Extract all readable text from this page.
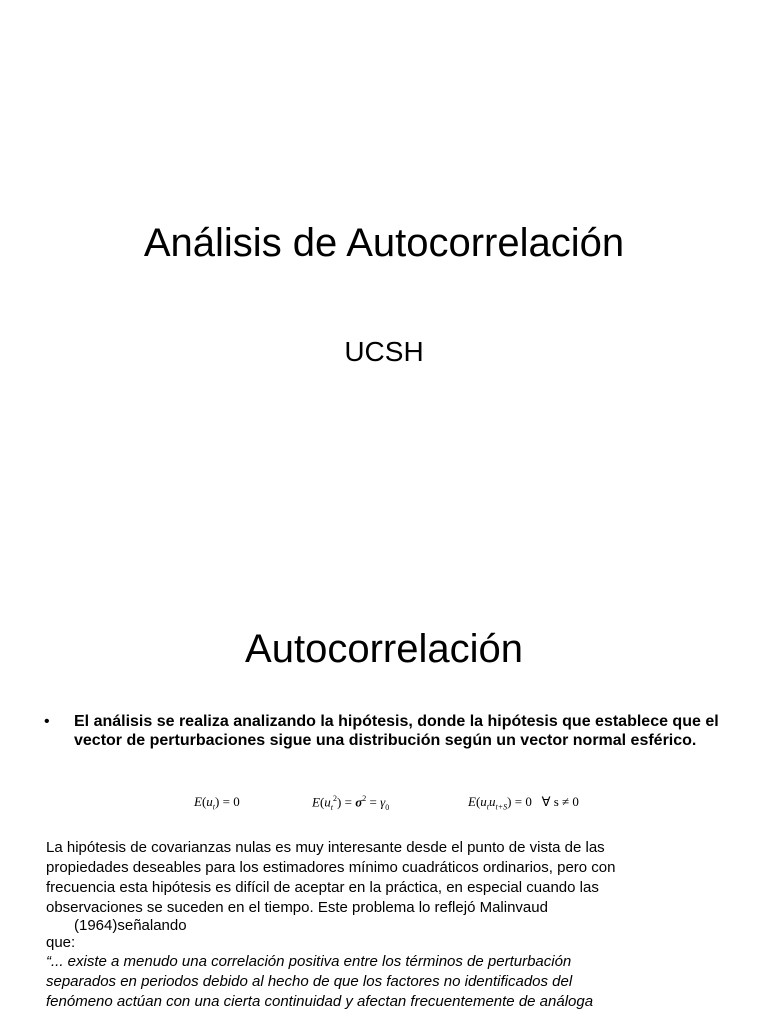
Análisis de Autocorrelación
UCSH
Autocorrelación
• El análisis se realiza analizando la hipótesis, donde la hipótesis que establece que el vector de perturbaciones sigue una distribución según un vector normal esférico.
$E(u_t) = 0$	$E(u_t^2) = \sigma^2 = \gamma_0$	$E(u_tu_{t+S}) = 0$   ∀ s ≠ 0
La hipótesis de covarianzas nulas es muy interesante desde el punto de vista de las
propiedades deseables para los estimadores mínimo cuadráticos ordinarios, pero con
frecuencia esta hipótesis es difícil de aceptar en la práctica, en especial cuando las
observaciones se suceden en el tiempo. Este problema lo reflejó Malinvaud
(1964)señalando
que:
“... existe a menudo una correlación positiva entre los términos de perturbación
separados en periodos debido al hecho de que los factores no identificados del
fenómeno actúan con una cierta continuidad y afectan frecuentemente de análoga
